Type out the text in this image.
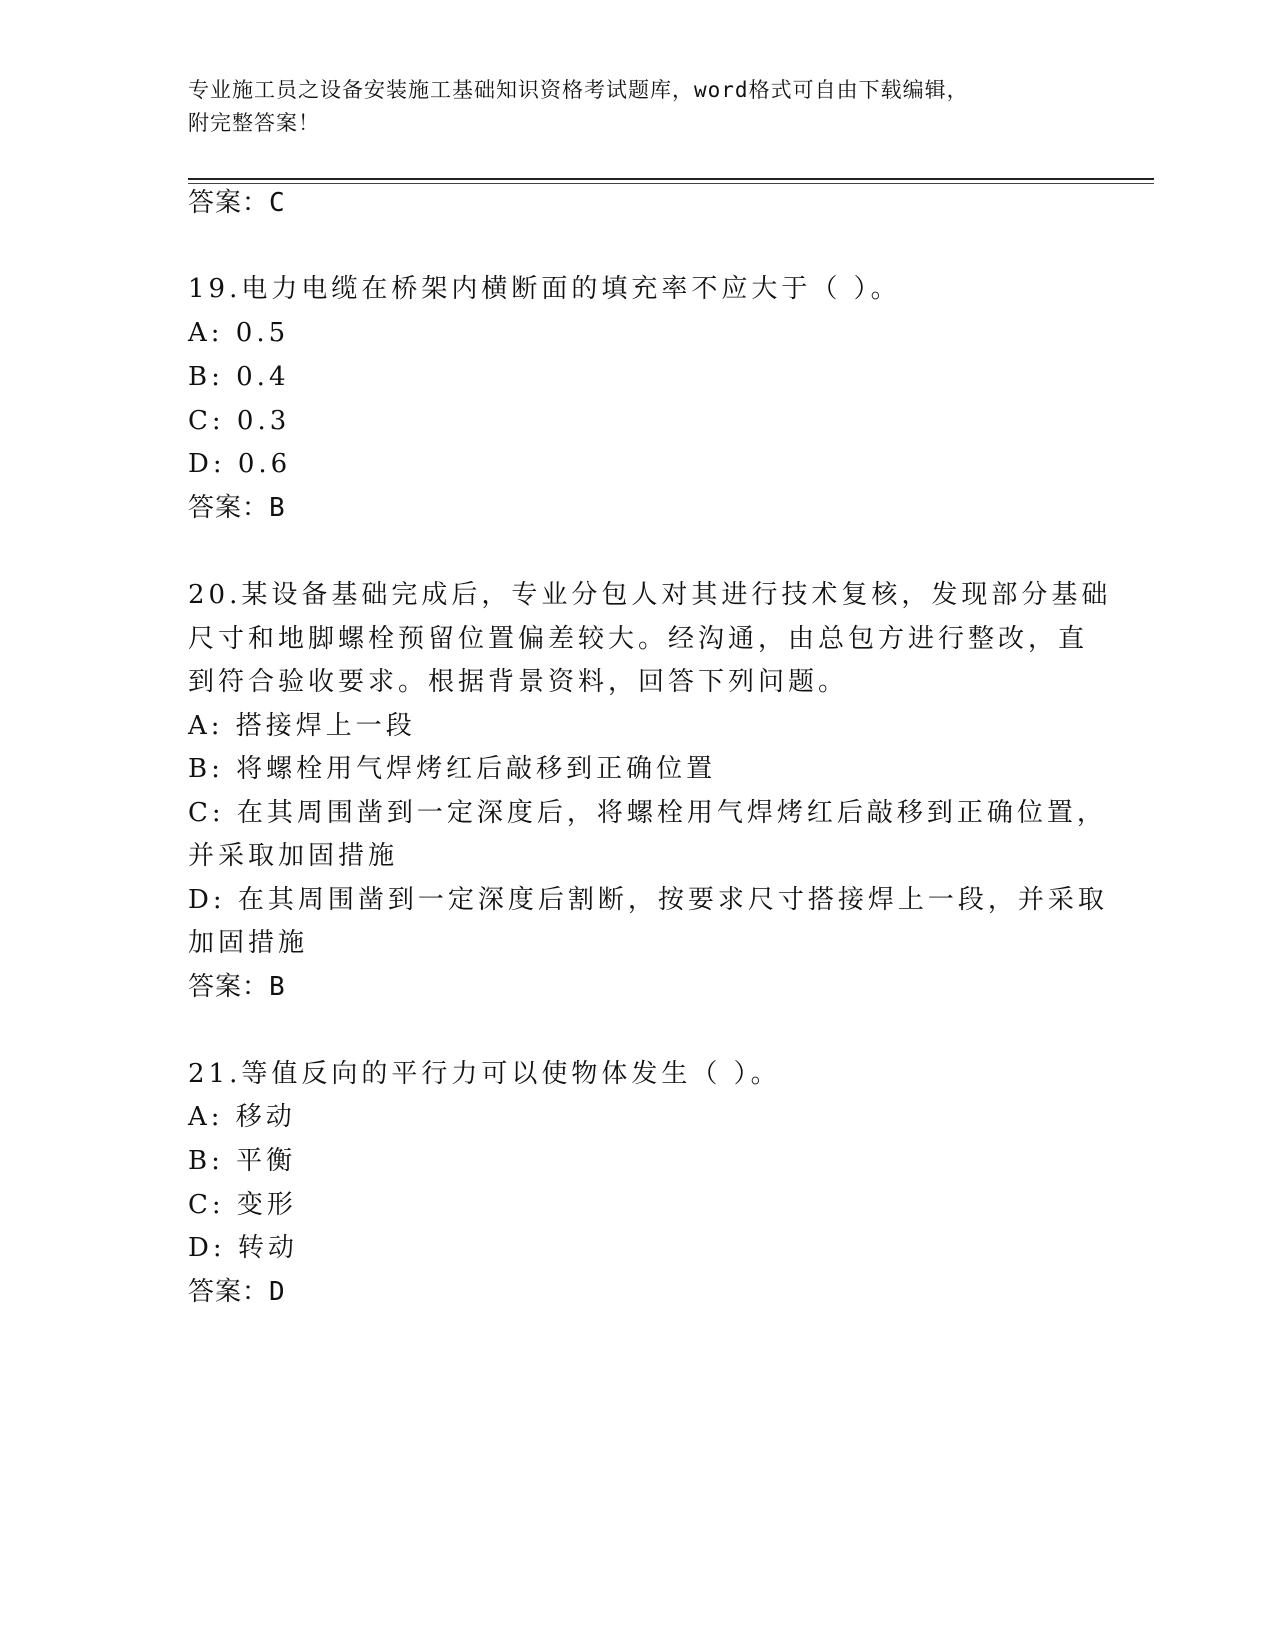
专业施工员之设备安装施工基础知识资格考试题库，word格式可自由下载编辑，
附完整答案！
答案：C
19.电力电缆在桥架内横断面的填充率不应大于（ ）。
A: 0.5
B: 0.4
C: 0.3
D: 0.6
答案：B
20.某设备基础完成后，专业分包人对其进行技术复核，发现部分基础
尺寸和地脚螺栓预留位置偏差较大。经沟通，由总包方进行整改，直
到符合验收要求。根据背景资料，回答下列问题。
A: 搭接焊上一段
B: 将螺栓用气焊烤红后敲移到正确位置
C: 在其周围凿到一定深度后，将螺栓用气焊烤红后敲移到正确位置，
并采取加固措施
D: 在其周围凿到一定深度后割断，按要求尺寸搭接焊上一段，并采取
加固措施
答案：B
21.等值反向的平行力可以使物体发生（ ）。
A: 移动
B: 平衡
C: 变形
D: 转动
答案：D
